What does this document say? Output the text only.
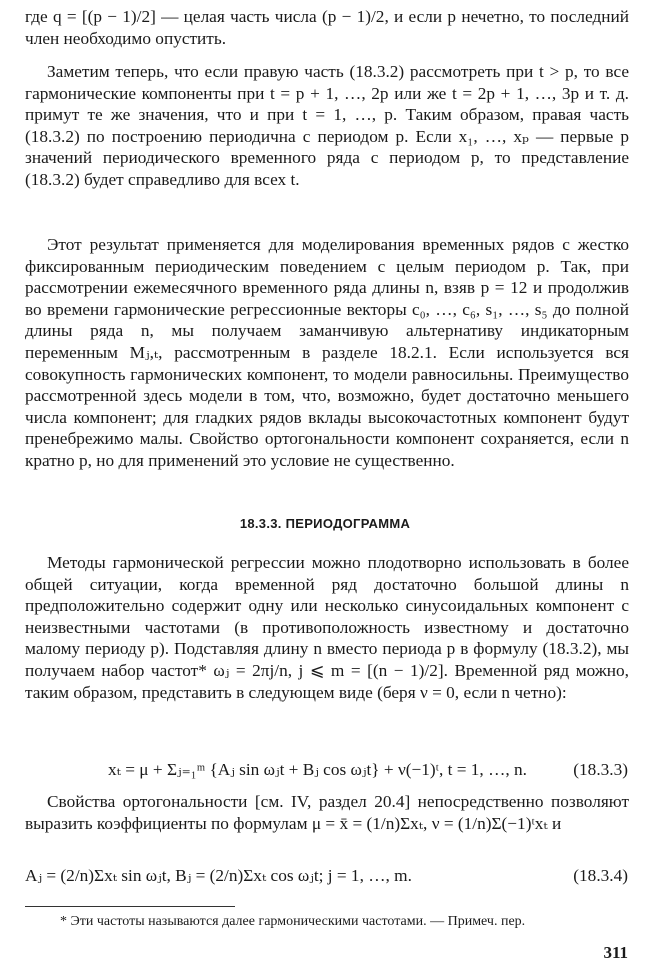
где q = [(p − 1)/2] — целая часть числа (p − 1)/2, и если p нечетно, то последний член необходимо опустить.

Заметим теперь, что если правую часть (18.3.2) рассмотреть при t > p, то все гармонические компоненты при t = p + 1, …, 2p или же t = 2p + 1, …, 3p и т. д. примут те же значения, что и при t = 1, …, p. Таким образом, правая часть (18.3.2) по построению периодична с периодом p. Если x₁, …, xₚ — первые p значений периодического временного ряда с периодом p, то представление (18.3.2) будет справедливо для всех t.

Этот результат применяется для моделирования временных рядов с жестко фиксированным периодическим поведением с целым периодом p. Так, при рассмотрении ежемесячного временного ряда длины n, взяв p = 12 и продолжив во времени гармонические регрессионные векторы c₀, …, c₆, s₁, …, s₅ до полной длины ряда n, мы получаем заманчивую альтернативу индикаторным переменным Mⱼ,ₜ, рассмотренным в разделе 18.2.1. Если используется вся совокупность гармонических компонент, то модели равносильны. Преимущество рассмотренной здесь модели в том, что, возможно, будет достаточно меньшего числа компонент; для гладких рядов вклады высокочастотных компонент будут пренебрежимо малы. Свойство ортогональности компонент сохраняется, если n кратно p, но для применений это условие не существенно.

18.3.3. ПЕРИОДОГРАММА

Методы гармонической регрессии можно плодотворно использовать в более общей ситуации, когда временной ряд достаточно большой длины n предположительно содержит одну или несколько синусоидальных компонент с неизвестными частотами (в противоположность известному и достаточно малому периоду p). Подставляя длину n вместо периода p в формулу (18.3.2), мы получаем набор частот* ωⱼ = 2πj/n, j ⩽ m = [(n − 1)/2]. Временной ряд можно, таким образом, представить в следующем виде (беря ν = 0, если n четно):

xₜ = μ + Σⱼ₌₁ᵐ {Aⱼ sin ωⱼt + Bⱼ cos ωⱼt} + ν(−1)ᵗ, t = 1, …, n.	(18.3.3)

Свойства ортогональности [см. IV, раздел 20.4] непосредственно позволяют выразить коэффициенты по формулам μ = x̄ = (1/n)Σxₜ, ν = (1/n)Σ(−1)ᵗxₜ и

Aⱼ = (2/n)Σxₜ sin ωⱼt, Bⱼ = (2/n)Σxₜ cos ωⱼt; j = 1, …, m.	(18.3.4)
* Эти частоты называются далее гармоническими частотами. — Примеч. пер.
311
